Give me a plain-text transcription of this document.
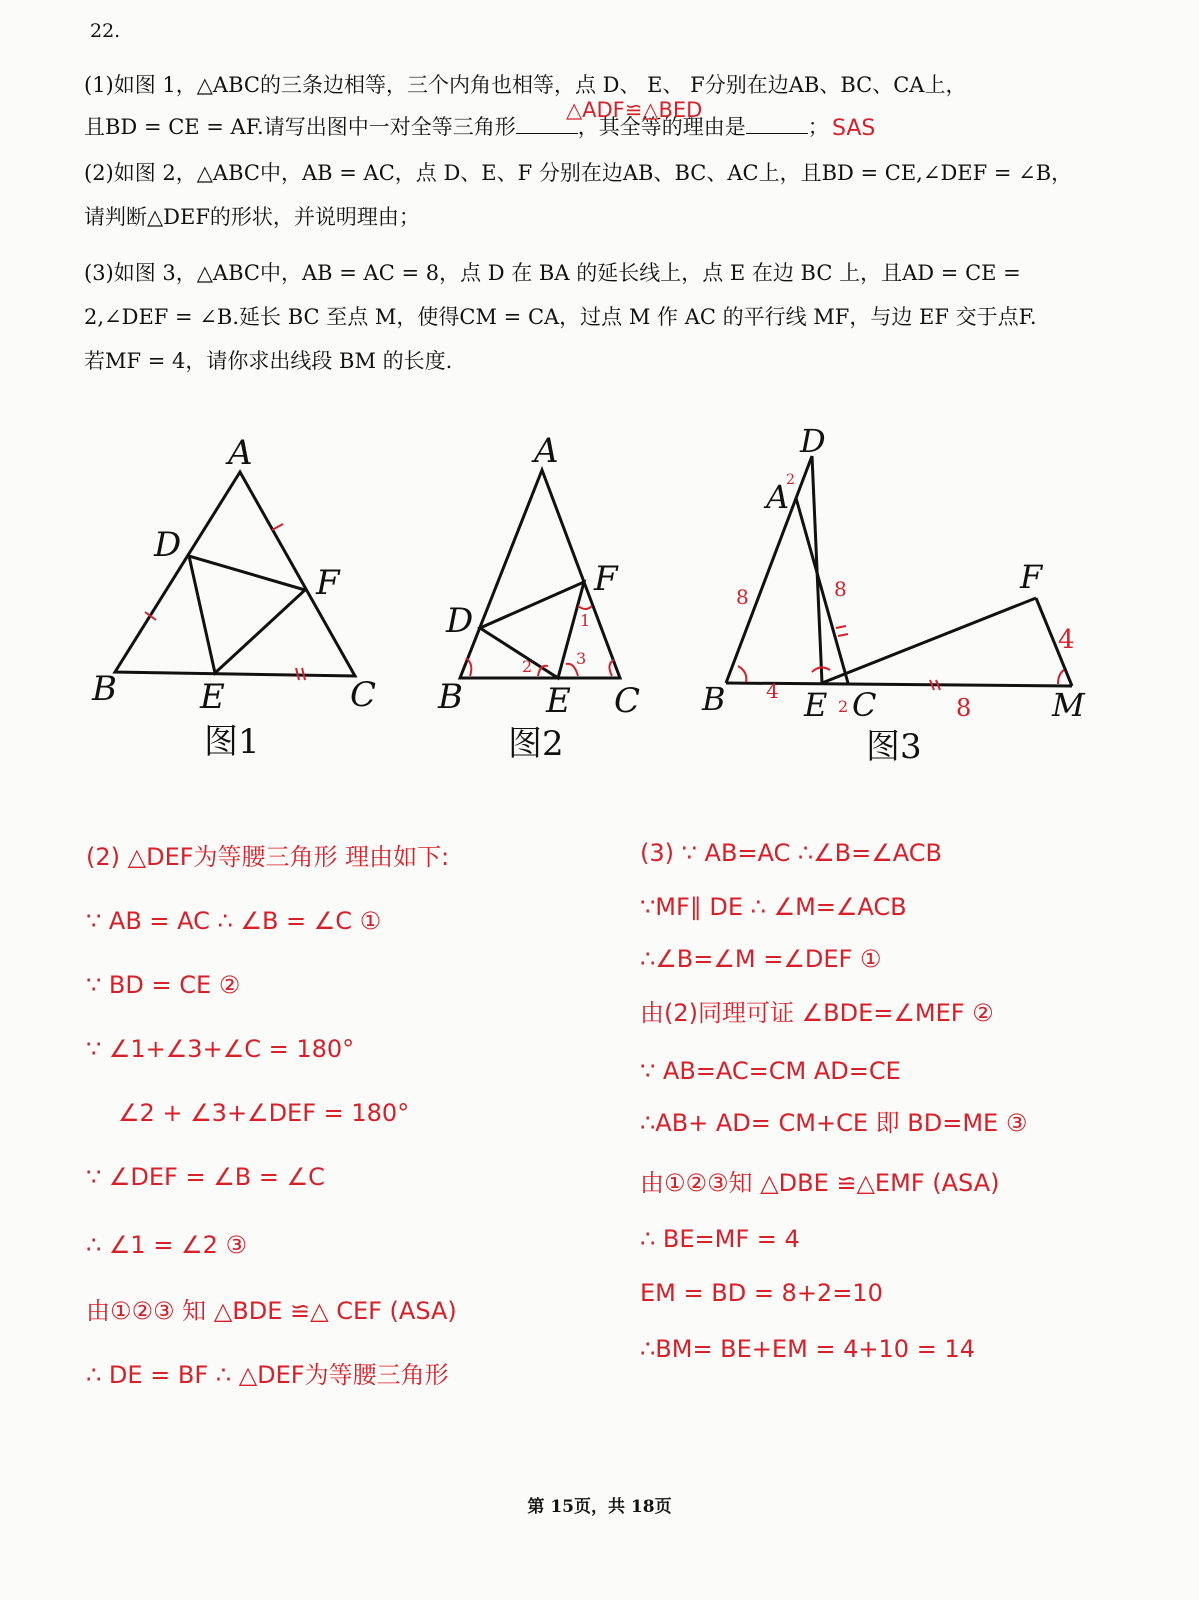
22.
(1)如图 1，△ABC的三条边相等，三个内角也相等，点 D、 E、 F分别在边AB、BC、CA上，
且BD = CE = AF.请写出图中一对全等三角形	，其全等的理由是	；
△ADF≌△BED
SAS
(2)如图 2，△ABC中，AB = AC，点 D、E、F 分别在边AB、BC、AC上，且BD = CE,∠DEF = ∠B，
请判断△DEF的形状，并说明理由；
(3)如图 3，△ABC中，AB = AC = 8，点 D 在 BA 的延长线上，点 E 在边 BC 上，且AD = CE =
2,∠DEF = ∠B.延长 BC 至点 M，使得CM = CA，过点 M 作 AC 的平行线 MF，与边 EF 交于点F.
若MF = 4，请你求出线段 BM 的长度.
A
D
F
B E	C
图1
1
2	3
A
D
F
B E C
图2
8	8
4
8
4
2
2
D
A
F
B E C	M
图3
(2) △DEF为等腰三角形 理由如下:
∵ AB = AC ∴ ∠B = ∠C ①
∵ BD = CE ②
∵ ∠1+∠3+∠C = 180°
∠2 + ∠3+∠DEF = 180°
∵ ∠DEF = ∠B = ∠C
∴ ∠1 = ∠2 ③
由①②③ 知 △BDE ≌△ CEF (ASA)
∴ DE = BF ∴ △DEF为等腰三角形
(3) ∵ AB=AC ∴∠B=∠ACB
∵MF∥ DE ∴ ∠M=∠ACB
∴∠B=∠M =∠DEF ①
由(2)同理可证 ∠BDE=∠MEF ②
∵ AB=AC=CM AD=CE
∴AB+ AD= CM+CE 即 BD=ME ③
由①②③知 △DBE ≌△EMF (ASA)
∴ BE=MF = 4
EM = BD = 8+2=10
∴BM= BE+EM = 4+10 = 14
第 15页，共 18页
